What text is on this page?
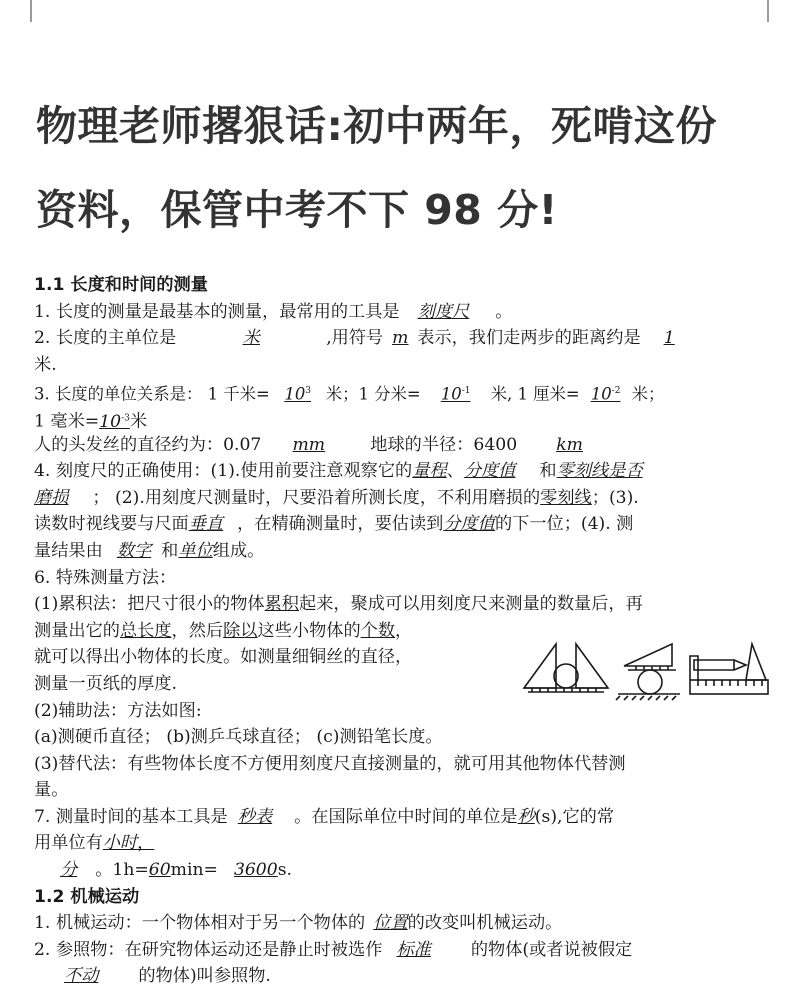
物理老师撂狠话:初中两年，死啃这份
资料，保管中考不下 98 分!
1.1 长度和时间的测量
1. 长度的测量是最基本的测量，最常用的工具是 刻度尺 。
2. 长度的主单位是	米	,用符号 m 表示，我们走两步的距离约是 1
米.
3. 长度的单位关系是： 1 千米= $10^3$ 米；1 分米= $10^{-1}$ 米, 1 厘米= $10^{-2}$ 米；
1 毫米$=10^{-3}$米
人的头发丝的直径约为：0.07 mm 地球的半径：6400 km
4. 刻度尺的正确使用：(1).使用前要注意观察它的量程、分度值 和零刻线是否
磨损 ； (2).用刻度尺测量时，尺要沿着所测长度，不利用磨损的零刻线；(3).
读数时视线要与尺面垂直 ，在精确测量时，要估读到分度值的下一位；(4). 测
量结果由 数字 和单位组成。
6. 特殊测量方法：
(1)累积法：把尺寸很小的物体累积起来，聚成可以用刻度尺来测量的数量后，再
测量出它的总长度，然后除以这些小物体的个数，
就可以得出小物体的长度。如测量细铜丝的直径，
测量一页纸的厚度.
(2)辅助法：方法如图:
(a)测硬币直径； (b)测乒乓球直径； (c)测铅笔长度。
(3)替代法：有些物体长度不方便用刻度尺直接测量的，就可用其他物体代替测
量。
7. 测量时间的基本工具是 秒表 。在国际单位中时间的单位是秒(s),它的常
用单位有小时，
分 。1h=60min= 3600s.
1.2 机械运动
1. 机械运动：一个物体相对于另一个物体的 位置的改变叫机械运动。
2. 参照物：在研究物体运动还是静止时被选作 标准 的物体(或者说被假定
不动 的物体)叫参照物.
